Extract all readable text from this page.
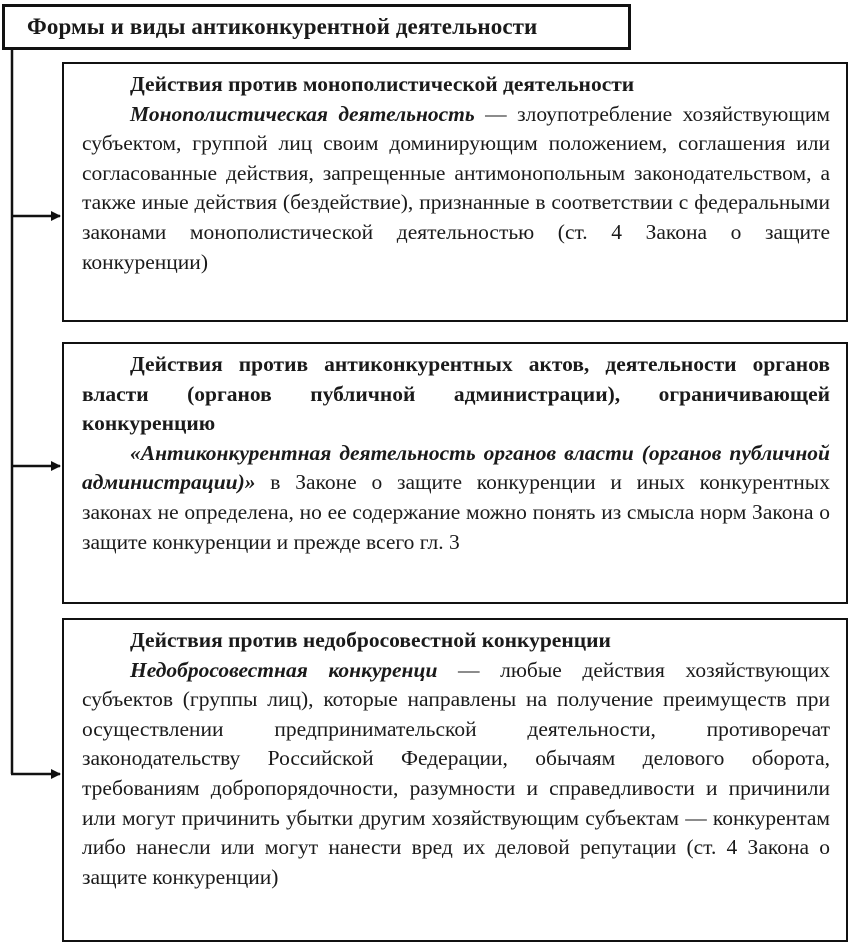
Формы и виды антиконкурентной деятельности
Действия против монополистической деятельности

Монополистическая деятельность — злоупотребление хозяйствующим субъектом, группой лиц своим доминирующим положением, соглашения или согласованные действия, запрещенные антимонопольным законодательством, а также иные действия (бездействие), признанные в соответствии с федеральными законами монополистической деятельностью (ст. 4 Закона о защите конкуренции)

Действия против антиконкурентных актов, деятельности органов власти (органов публичной администрации), ограничивающей конкуренцию

«Антиконкурентная деятельность органов власти (органов публичной администрации)» в Законе о защите конкуренции и иных конкурентных законах не определена, но ее содержание можно понять из смысла норм Закона о защите конкуренции и прежде всего гл. 3

Действия против недобросовестной конкуренции

Недобросовестная конкуренци — любые действия хозяйствующих субъектов (группы лиц), которые направлены на получение преимуществ при осуществлении предпринимательской деятельности, противоречат законодательству Российской Федерации, обычаям делового оборота, требованиям добропорядочности, разумности и справедливости и причинили или могут причинить убытки другим хозяйствующим субъектам — конкурентам либо нанесли или могут нанести вред их деловой репутации (ст. 4 Закона о защите конкуренции)
